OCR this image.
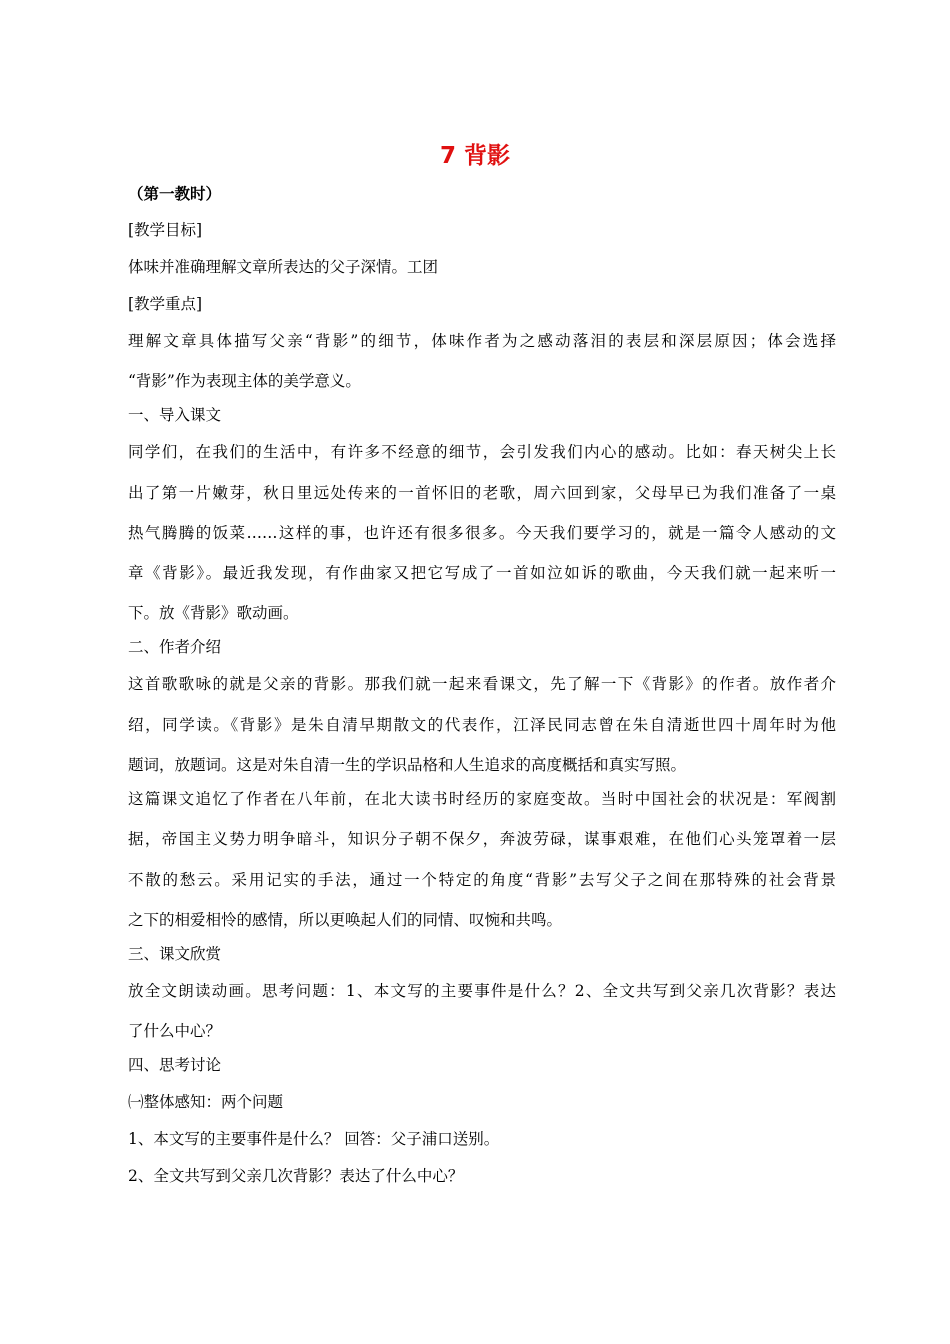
7 背影
（第一教时）
[教学目标]
体味并准确理解文章所表达的父子深情。工团
[教学重点]
理解文章具体描写父亲“背影”的细节，体味作者为之感动落泪的表层和深层原因；体会选择
“背影”作为表现主体的美学意义。
一、导入课文
同学们，在我们的生活中，有许多不经意的细节，会引发我们内心的感动。比如：春天树尖上长
出了第一片嫩芽，秋日里远处传来的一首怀旧的老歌，周六回到家，父母早已为我们准备了一桌
热气腾腾的饭菜……这样的事，也许还有很多很多。今天我们要学习的，就是一篇令人感动的文
章《背影》。最近我发现，有作曲家又把它写成了一首如泣如诉的歌曲，今天我们就一起来听一
下。放《背影》歌动画。
二、作者介绍
这首歌歌咏的就是父亲的背影。那我们就一起来看课文，先了解一下《背影》的作者。放作者介
绍，同学读。《背影》是朱自清早期散文的代表作，江泽民同志曾在朱自清逝世四十周年时为他
题词，放题词。这是对朱自清一生的学识品格和人生追求的高度概括和真实写照。
这篇课文追忆了作者在八年前，在北大读书时经历的家庭变故。当时中国社会的状况是：军阀割
据，帝国主义势力明争暗斗，知识分子朝不保夕，奔波劳碌，谋事艰难，在他们心头笼罩着一层
不散的愁云。采用记实的手法，通过一个特定的角度“背影”去写父子之间在那特殊的社会背景
之下的相爱相怜的感情，所以更唤起人们的同情、叹惋和共鸣。
三、课文欣赏
放全文朗读动画。思考问题：1、本文写的主要事件是什么？2、全文共写到父亲几次背影？表达
了什么中心？
四、思考讨论
㈠整体感知：两个问题
1、本文写的主要事件是什么？ 回答：父子浦口送别。
2、全文共写到父亲几次背影？表达了什么中心？
